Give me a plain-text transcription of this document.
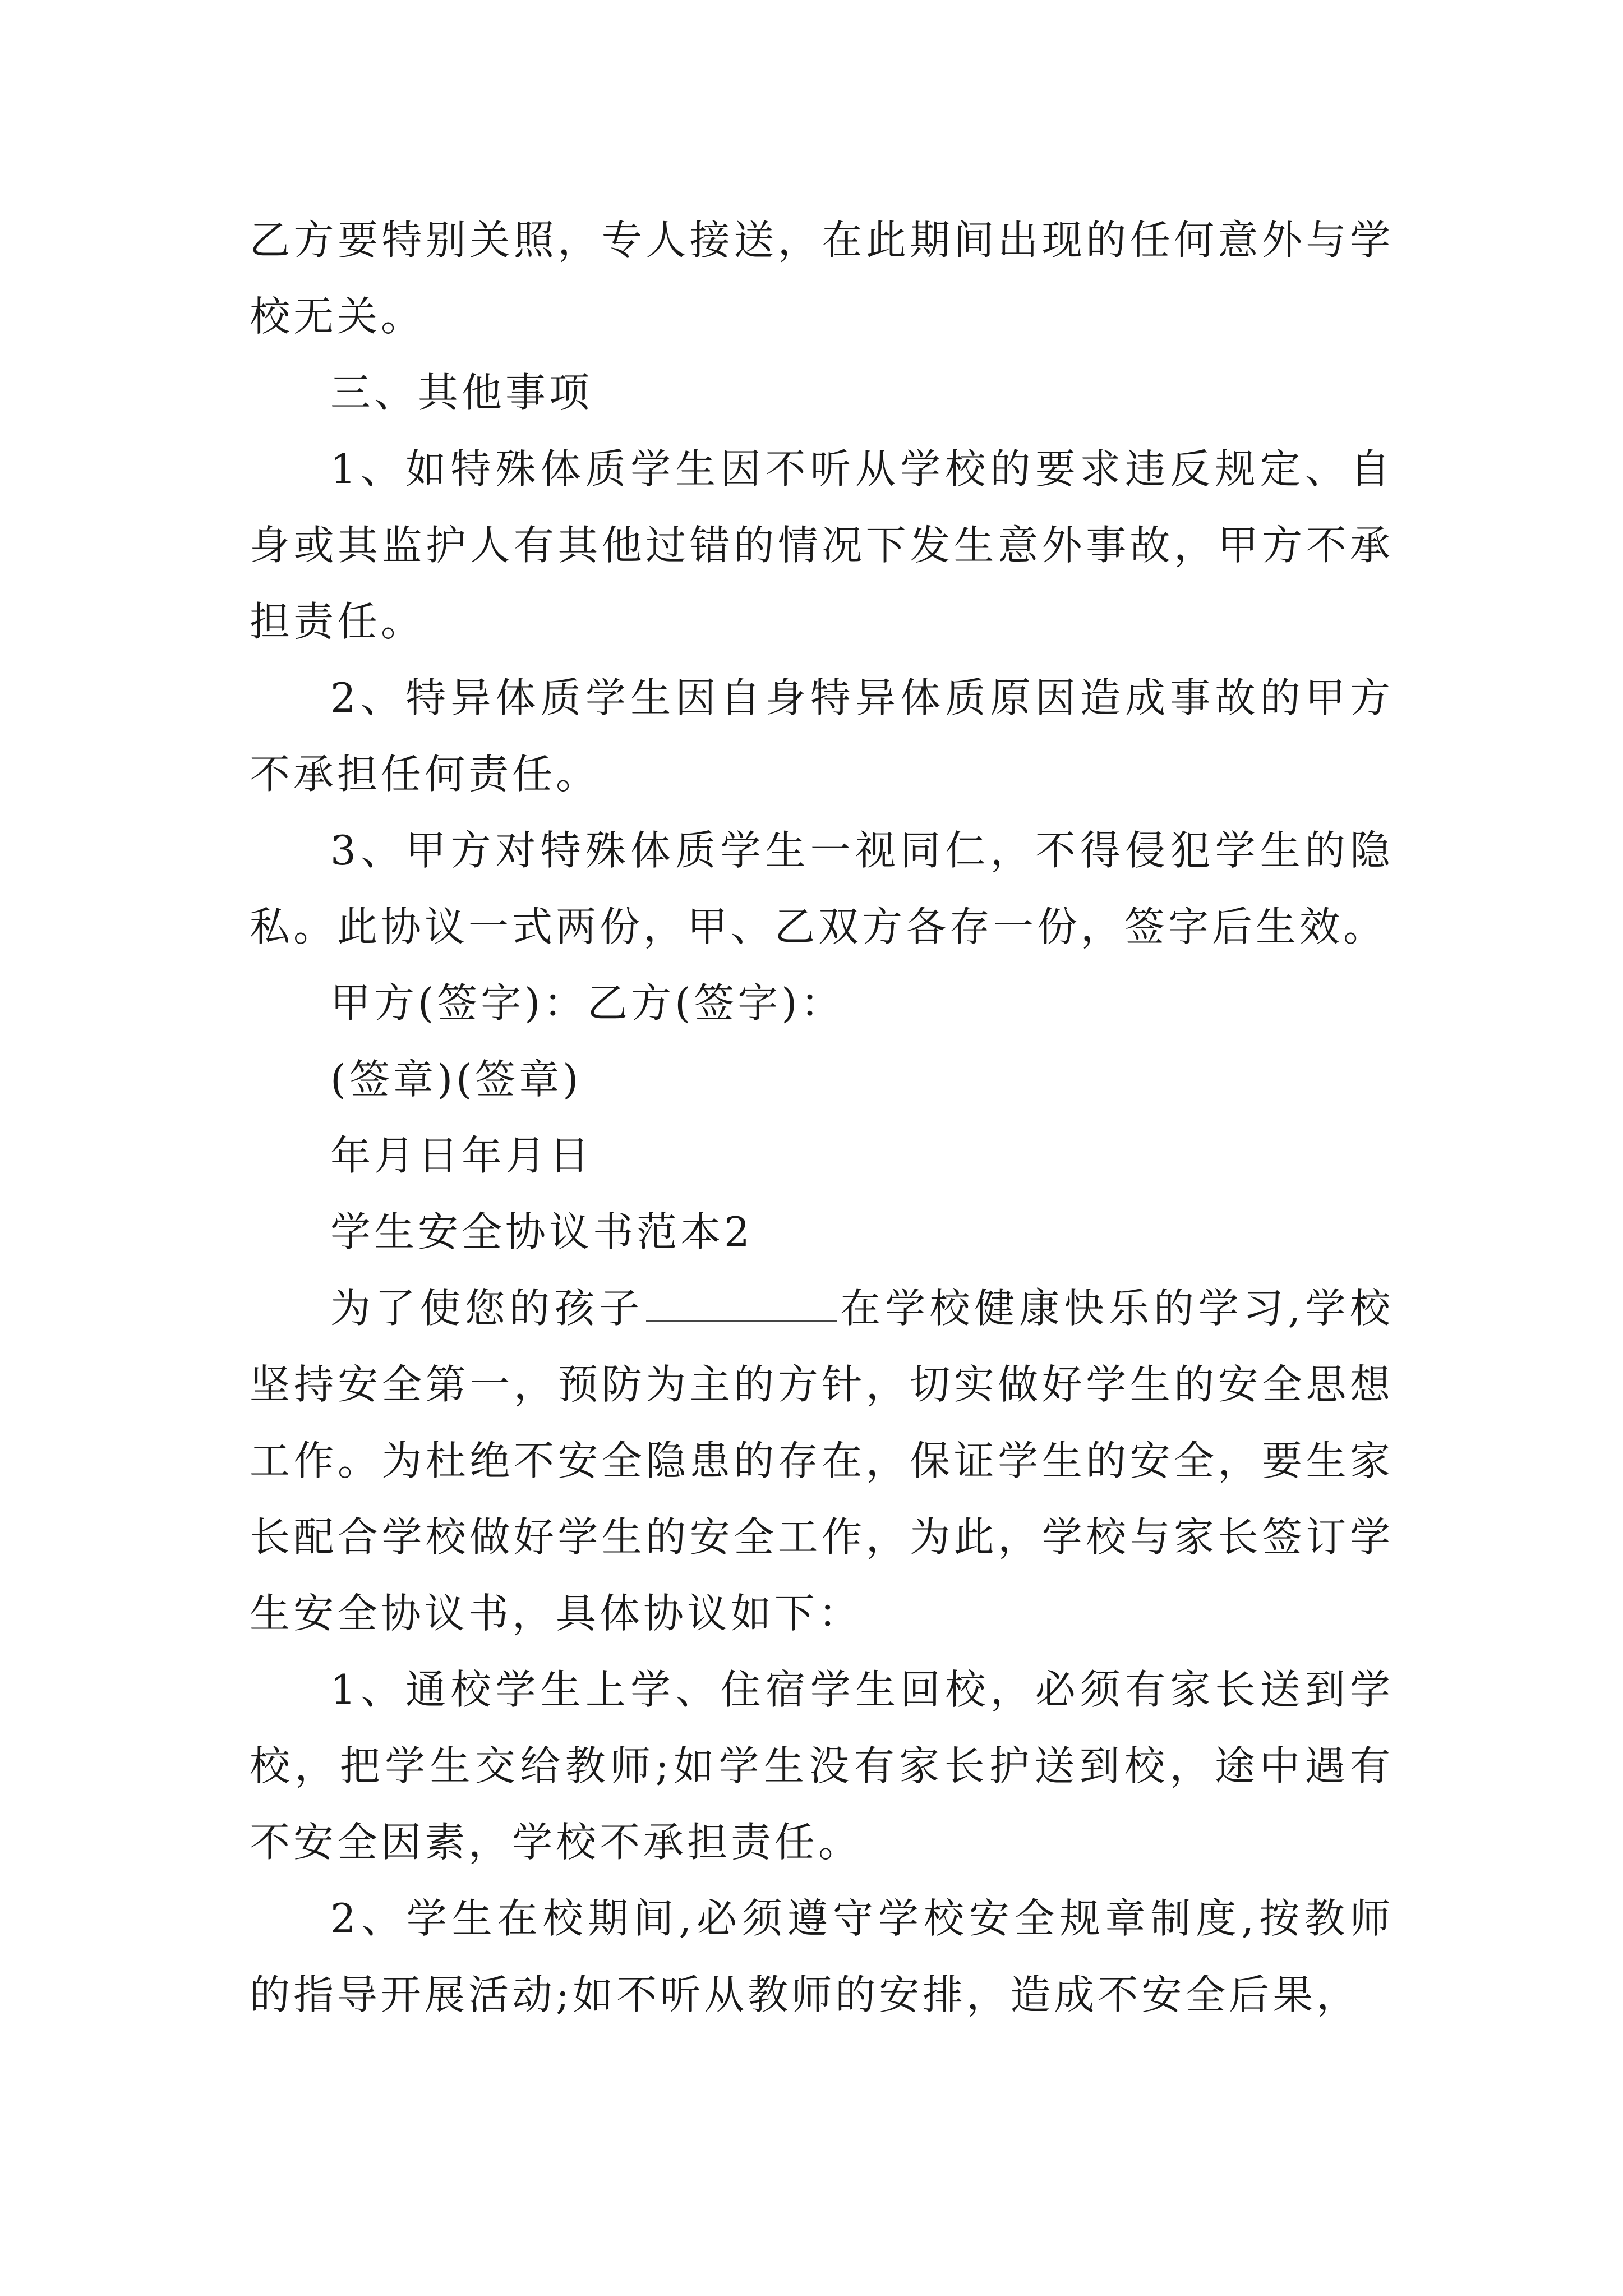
乙方要特别关照，专人接送，在此期间出现的任何意外与学校无关。

三、其他事项

1、如特殊体质学生因不听从学校的要求违反规定、自身或其监护人有其他过错的情况下发生意外事故，甲方不承担责任。

2、特异体质学生因自身特异体质原因造成事故的甲方不承担任何责任。

3、甲方对特殊体质学生一视同仁，不得侵犯学生的隐私。此协议一式两份，甲、乙双方各存一份，签字后生效。

甲方(签字)：乙方(签字)：

(签章)(签章)

年月日年月日

学生安全协议书范本2

为了使您的孩子	在学校健康快乐的学习,学校坚持安全第一，预防为主的方针，切实做好学生的安全思想工作。为杜绝不安全隐患的存在，保证学生的安全，要生家长配合学校做好学生的安全工作，为此，学校与家长签订学生安全协议书，具体协议如下：

1、通校学生上学、住宿学生回校，必须有家长送到学校，把学生交给教师;如学生没有家长护送到校，途中遇有不安全因素，学校不承担责任。

2、学生在校期间,必须遵守学校安全规章制度,按教师的指导开展活动;如不听从教师的安排，造成不安全后果，
